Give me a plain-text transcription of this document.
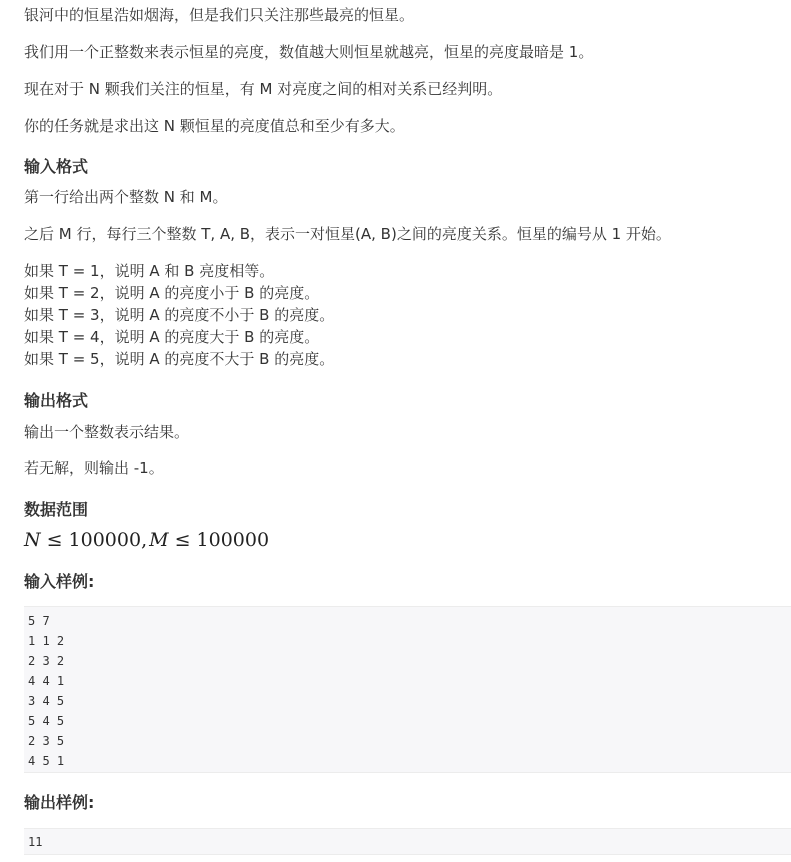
银河中的恒星浩如烟海，但是我们只关注那些最亮的恒星。

我们用一个正整数来表示恒星的亮度，数值越大则恒星就越亮，恒星的亮度最暗是 1。

现在对于 N 颗我们关注的恒星，有 M 对亮度之间的相对关系已经判明。

你的任务就是求出这 N 颗恒星的亮度值总和至少有多大。

输入格式

第一行给出两个整数 N 和 M。

之后 M 行，每行三个整数 T, A, B，表示一对恒星(A, B)之间的亮度关系。恒星的编号从 1 开始。

如果 T = 1，说明 A 和 B 亮度相等。

如果 T = 2，说明 A 的亮度小于 B 的亮度。

如果 T = 3，说明 A 的亮度不小于 B 的亮度。

如果 T = 4，说明 A 的亮度大于 B 的亮度。

如果 T = 5，说明 A 的亮度不大于 B 的亮度。

输出格式

输出一个整数表示结果。

若无解，则输出 -1。

数据范围
N ≤ 100000, M ≤ 100000
输入样例:
5 7
1 1 2
2 3 2
4 4 1
3 4 5
5 4 5
2 3 5
4 5 1
输出样例:
11
